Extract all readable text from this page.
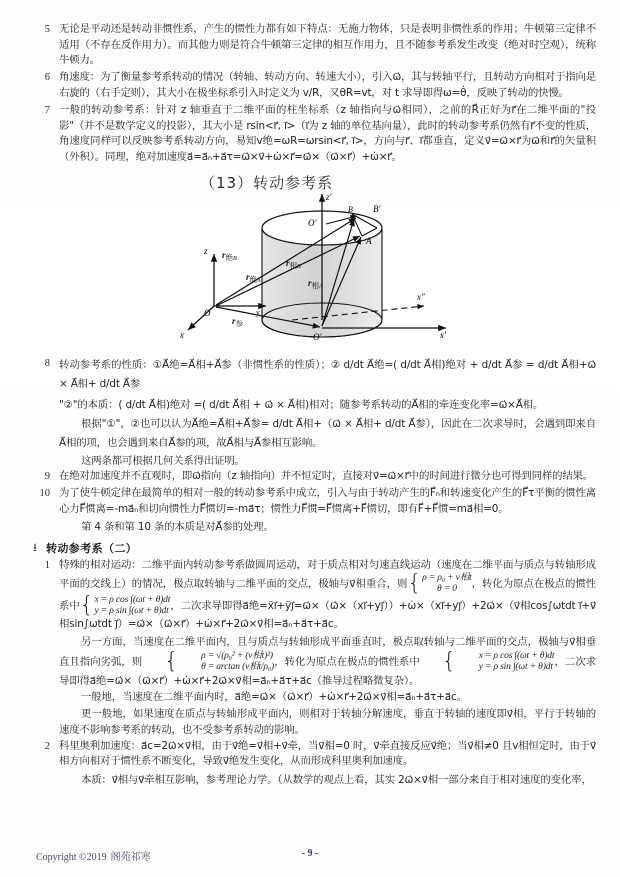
5 无论是平动还是转动非惯性系，产生的惯性力都有如下特点：无施力物体，只是表明非惯性系的作用；牛顿第三定律不适用（不存在反作用力）。而其他力则是符合牛顿第三定律的相互作用力，且不随参考系发生改变（绝对时空观），统称牛顿力。
6 角速度：为了衡量参考系转动的情况（转轴、转动方向、转速大小），引入ω⃗，其与转轴平行，且转动方向相对于指向是右旋的（右手定则），其大小在极坐标系引入时定义为 v/R，又θR=vt，对 t 求导即得ω=θ̇，反映了转动的快慢。
7 一般的转动参考系：针对 z 轴垂直于二维平面的柱坐标系（z 轴指向与ω⃗相同），之前的R⃗正好为r⃗在二维平面的"投影"（并不是数学定义的投影），其大小是 rsin<r⃗, i⃗>（i⃗为 z 轴的单位基向量），此时的转动参考系仍然有r⃗不变的性质，角速度同样可以反映参考系转动方向，易知v绝=ωR=ωrsin<r⃗, i⃗>，方向与r⃗、i⃗都垂直，定义v⃗=ω⃗×r⃗为ω⃗和r⃗的矢量积（外积）。同理，绝对加速度a⃗=a⃗ₙ+a⃗τ=ω⃗×v⃗+ω̇×r⃗=ω⃗×（ω⃗×r⃗）+ω̇×r⃗。
（13）转动参考系
z′
z
x
y
O
x′
x″
O′
O′
B B′
A
r绝B
r绝A
r相B
r相A
r参
8 转动参考系的性质：①A⃗绝=A⃗相+A⃗参（非惯性系的性质）；② d/dt A⃗绝=( d/dt A⃗相)绝对 + d/dt A⃗参 = d/dt A⃗相+ω⃗ × A⃗相+ d/dt A⃗参
"②"的本质：( d/dt A⃗相)绝对 =( d/dt A⃗相 + ω⃗ × A⃗相)相对；随参考系转动的A⃗相的牵连变化率=ω⃗×A⃗相。
根据"①"，②也可以认为A⃗绝=A⃗相+A⃗参= d/dt A⃗相+（ω⃗ × A⃗相+ d/dt A⃗参），因此在二次求导时，会遇到即来自A⃗相的项，也会遇到来自A⃗参的项，故A⃗相与A⃗参相互影响。
这两条都可根据几何关系得出证明。
9 在绝对加速度并不直观时，即ω⃗指向（z 轴指向）并不恒定时，直接对v⃗=ω⃗×r⃗中的时间进行微分也可得到同样的结果。
10 为了使牛顿定律在最简单的相对一般的转动参考系中成立，引入与由于转动产生的F⃗ₙ和转速变化产生的F⃗τ平衡的惯性离心力F⃗惯离=-ma⃗ₙ和切向惯性力F⃗惯切=-ma⃗τ；惯性力F⃗惯=F⃗惯离+F⃗惯切，即有F⃗+F⃗惯=ma⃗相=0。
第 4 条和第 10 条的本质是对A⃗参的处理。
⭳ 转动参考系（二）
1 特殊的相对运动：二维平面内转动参考系做圆周运动，对于质点相对匀速直线运动（速度在二维平面与质点与转轴形成平面的交线上）的情况，极点取转轴与二维平面的交点，极轴与v⃗相重合，则 { ρ = ρ₀ + v相t
θ = 0	，转化为原点在极点的惯性系中 { x = ρ cos ∫(ωt + θ)dt
y = ρ sin ∫(ωt + θ)dt ，二次求导即得a⃗绝=ẍi⃗+ÿj⃗=ω⃗×（ω⃗×（xi⃗+yj⃗））+ω̇×（xi⃗+yj⃗）+2ω⃗×（v⃗相cos∫ωtdt i⃗+v⃗相sin∫ωtdt j⃗）=ω⃗×（ω⃗×r⃗）+ω̇×r⃗+2ω⃗×v⃗相=a⃗ₙ+a⃗τ+a⃗c。
另一方面，当速度在二维平面内，且与质点与转轴形成平面垂直时，极点取转轴与二维平面的交点，极轴与v⃗相垂直且指向劣弧，则	{	ρ = √(ρ₀² + (v相t)²)
θ = arctan (v相t/ρ₀) ，转化为原点在极点的惯性系中	{	x = ρ cos ∫(ωt + θ)dt
y = ρ sin ∫(ωt + θ)dt ，二次求导即得a⃗绝=ω⃗×（ω⃗×r⃗）+ω̇×r⃗+2ω⃗×v⃗相=a⃗ₙ+a⃗τ+a⃗c（推导过程略微复杂）。
一般地，当速度在二维平面内时，a⃗绝=ω⃗×（ω⃗×r⃗）+ω̇×r⃗+2ω⃗×v⃗相=a⃗ₙ+a⃗τ+a⃗c。
更一般地，如果速度在质点与转轴形成平面内，则相对于转轴分解速度，垂直于转轴的速度即v⃗相，平行于转轴的速度不影响参考系的转动，也不受参考系转动的影响。
2 科里奥利加速度：a⃗c=2ω⃗×v⃗相，由于v⃗绝=v⃗相+v⃗牵，当v⃗相=0 时，v⃗牵直接反应v⃗绝；当v⃗相≠0 且v相恒定时，由于v⃗相方向相对于惯性系不断变化，导致v⃗绝发生变化，从而形成科里奥利加速度。
本质：v⃗相与v⃗牵相互影响，参考理论力学。（从数学的观点上看，其实 2ω⃗×v⃗相一部分来自于相对速度的变化率，
Copyright ©2019 阁苑祁寒	- 9 -
